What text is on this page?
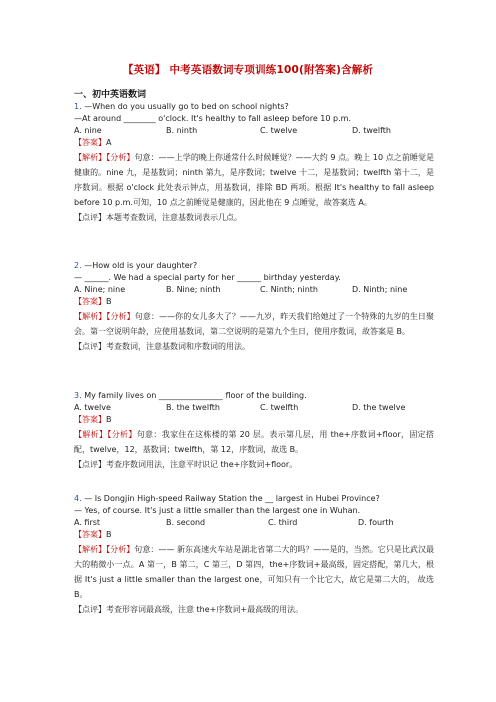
【英语】 中考英语数词专项训练100(附答案)含解析
一、初中英语数词
1. —When do you usually go to bed on school nights?
—At around ________ o'clock. It's healthy to fall asleep before 10 p.m.
A. nine	B. ninth	C. twelve	D. twelfth
【答案】A
【解析】【分析】句意：——上学的晚上你通常什么时候睡觉？——大约 9 点。晚上 10 点之前睡觉是健康的。nine 九，是基数词；ninth 第九，是序数词；twelve 十二，是基数词；twelfth 第十二，是序数词。根据 o'clock 此处表示钟点，用基数词，排除 BD 两项。根据 It's healthy to fall asleep before 10 p.m.可知，10 点之前睡觉是健康的，因此他在 9 点睡觉，故答案选 A。
【点评】本题考查数词，注意基数词表示几点。
2. —How old is your daughter?
— ______. We had a special party for her ______ birthday yesterday.
A. Nine; nine	B. Nine; ninth	C. Ninth; ninth	D. Ninth; nine
【答案】B
【解析】【分析】句意：——你的女儿多大了？——九岁，昨天我们给她过了一个特殊的九岁的生日聚会。第一空说明年龄，应使用基数词，第二空说明的是第九个生日，使用序数词，故答案是 B。
【点评】考查数词，注意基数词和序数词的用法。
3. My family lives on ________________ floor of the building.
A. twelve	B. the twelfth	C. twelfth	D. the twelve
【答案】B
【解析】【分析】句意：我家住在这栋楼的第 20 层。表示第几层，用 the+序数词+floor，固定搭配，twelve，12，基数词；twelfth，第 12，序数词，故选 B。
【点评】考查序数词用法，注意平时识记 the+序数词+floor。
4. — Is Dongjin High-speed Railway Station the __ largest in Hubei Province?
— Yes, of course. It's just a little smaller than the largest one in Wuhan.
A. first	B. second	C. third	D. fourth
【答案】B
【解析】【分析】句意：—— 新东高速火车站是湖北省第二大的吗？——是的，当然。它只是比武汉最大的稍微小一点。A 第一，B 第二，C 第三，D 第四，the+序数词+最高级，固定搭配，第几大，根据 It's just a little smaller than the largest one，可知只有一个比它大，故它是第二大的， 故选 B。
【点评】考查形容词最高级，注意 the+序数词+最高级的用法。
